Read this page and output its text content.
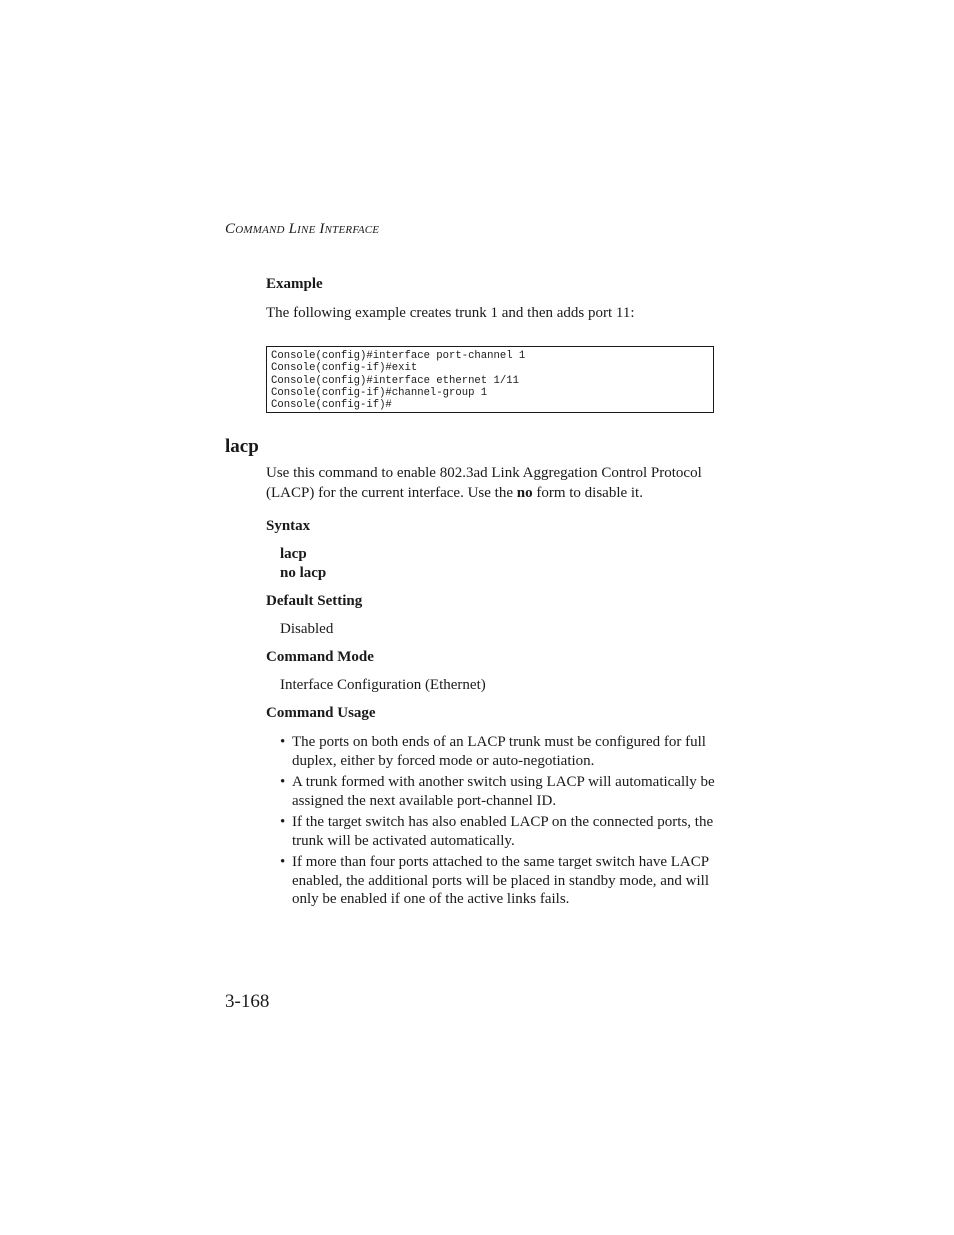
Command Line Interface
Example
The following example creates trunk 1 and then adds port 11:
Console(config)#interface port-channel 1
Console(config-if)#exit
Console(config)#interface ethernet 1/11
Console(config-if)#channel-group 1
Console(config-if)#
lacp
Use this command to enable 802.3ad Link Aggregation Control Protocol (LACP) for the current interface. Use the no form to disable it.
Syntax
lacp
no lacp
Default Setting
Disabled
Command Mode
Interface Configuration (Ethernet)
Command Usage
• The ports on both ends of an LACP trunk must be configured for full duplex, either by forced mode or auto-negotiation.
• A trunk formed with another switch using LACP will automatically be assigned the next available port-channel ID.
• If the target switch has also enabled LACP on the connected ports, the trunk will be activated automatically.
• If more than four ports attached to the same target switch have LACP enabled, the additional ports will be placed in standby mode, and will only be enabled if one of the active links fails.
3-168
